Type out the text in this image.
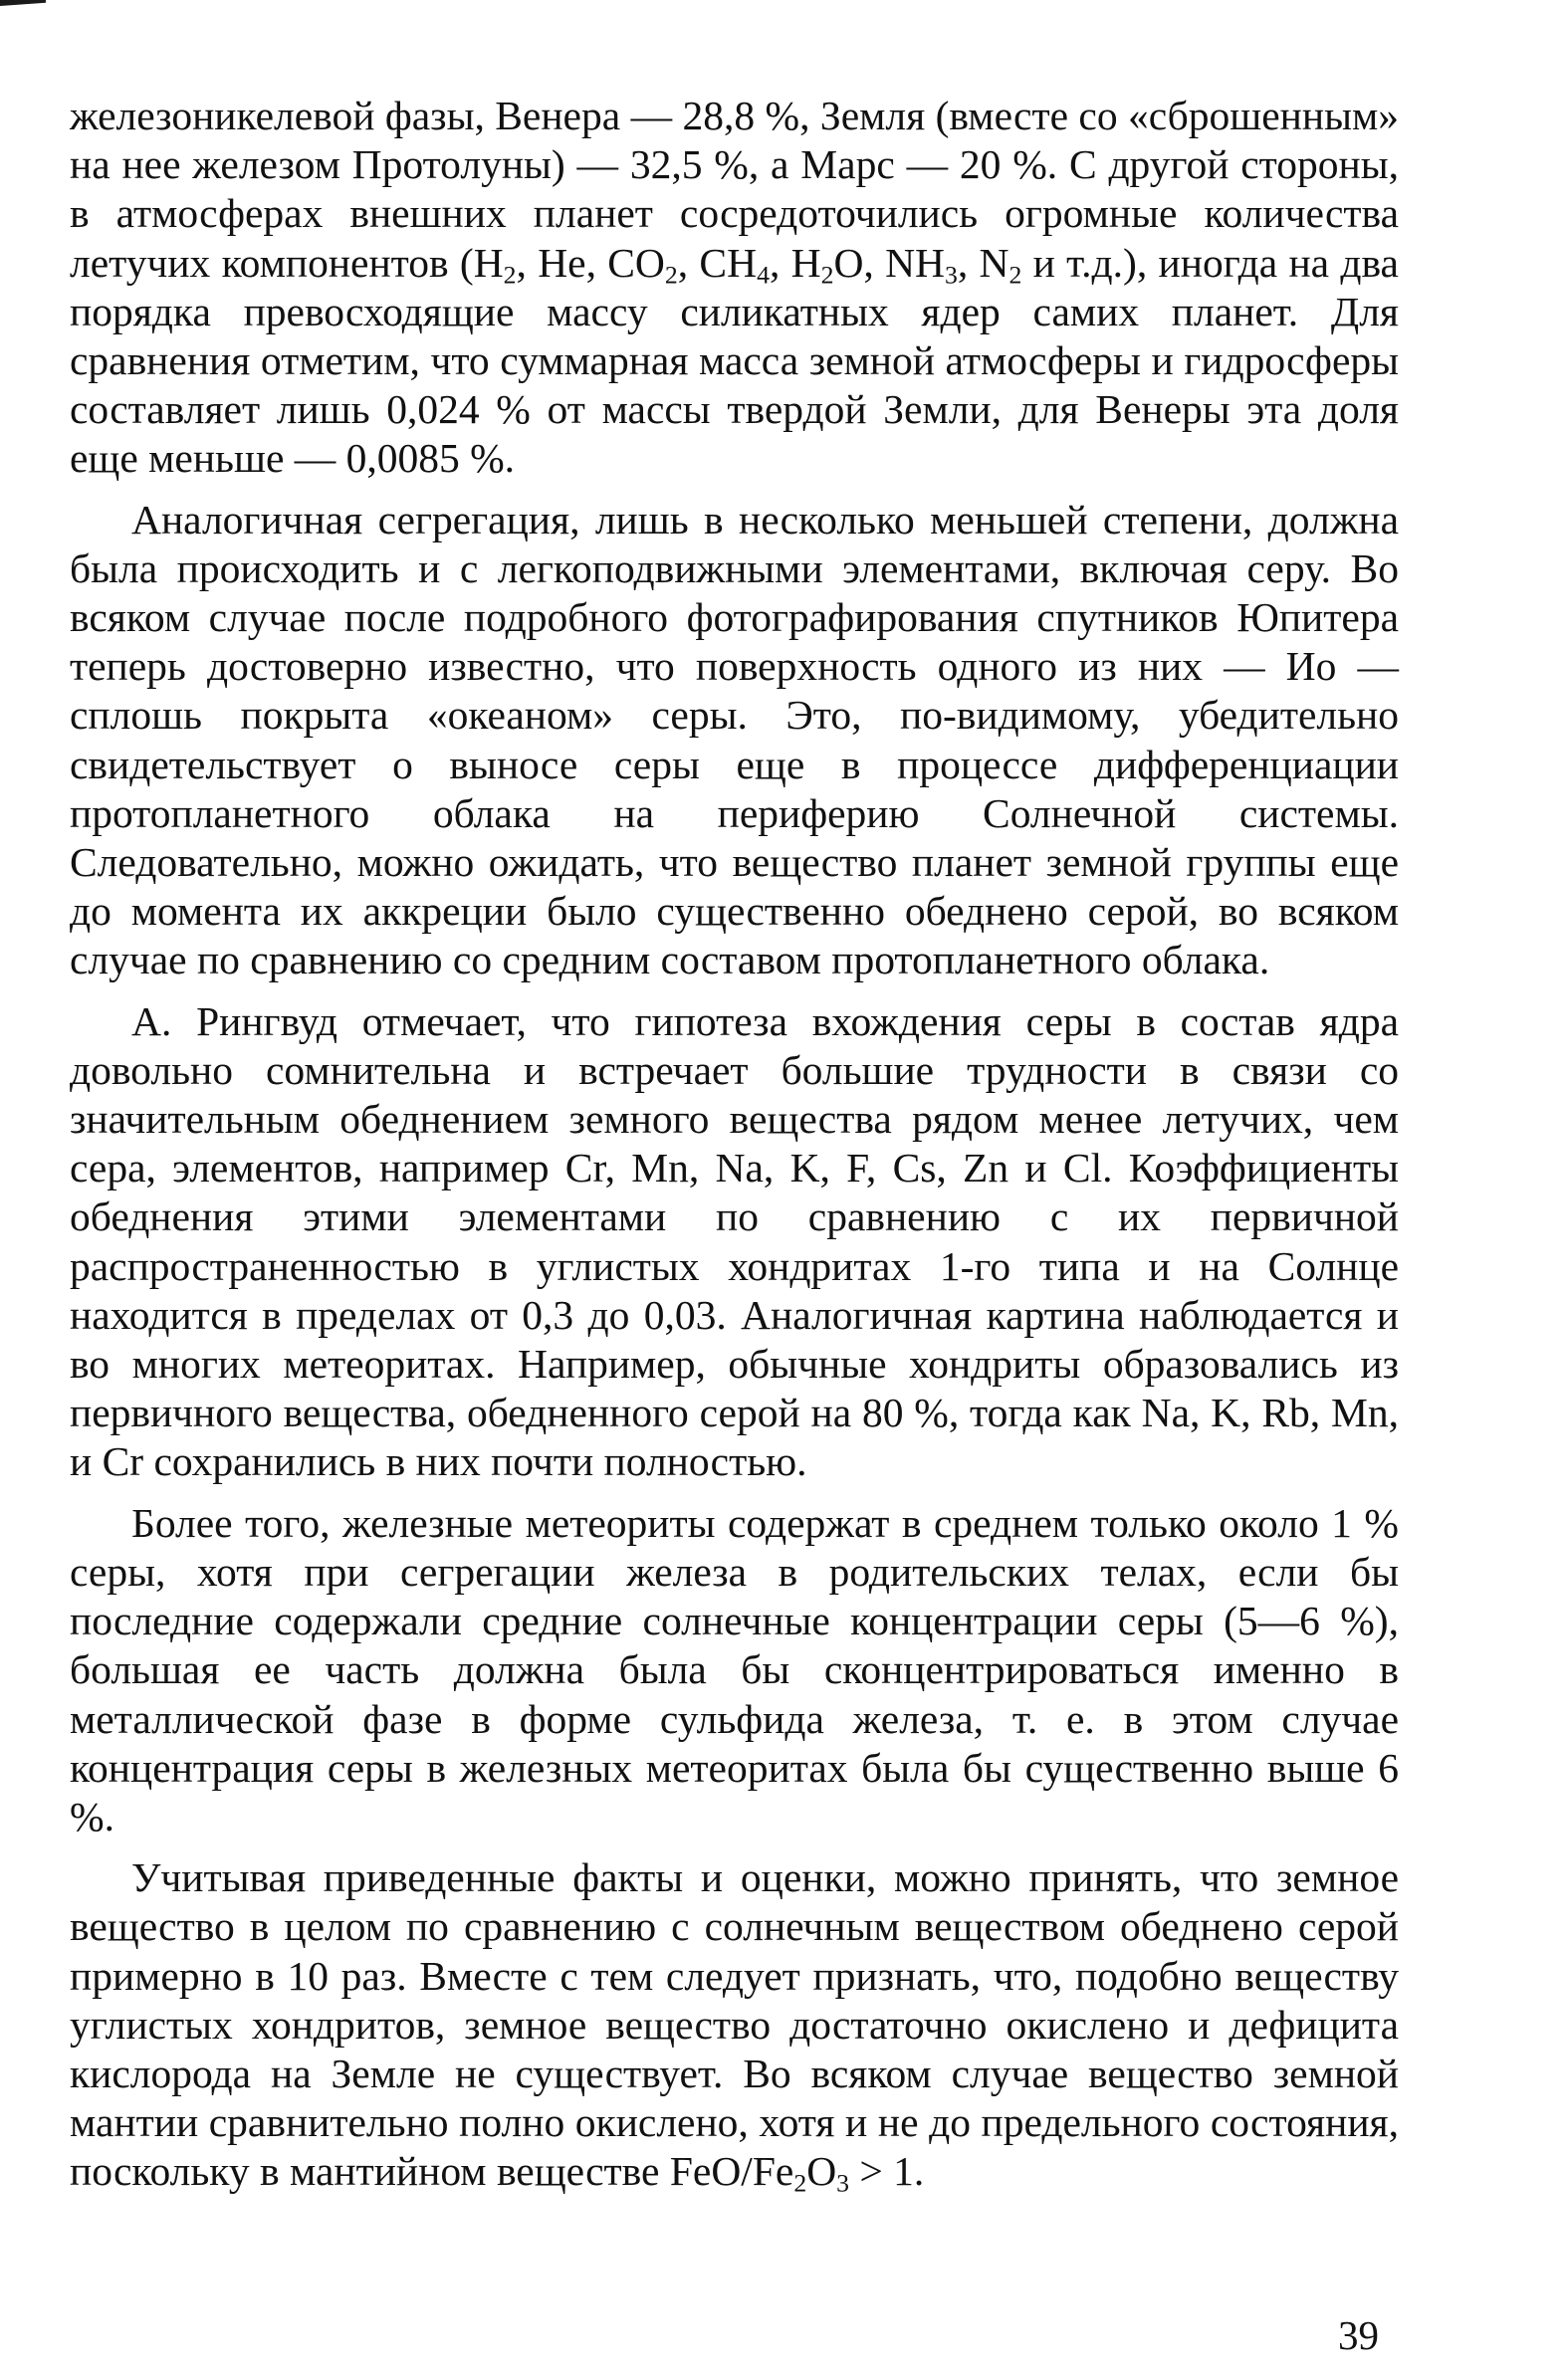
железоникелевой фазы, Венера — 28,8 %, Земля (вместе со «сброшенным» на нее железом Протолуны) — 32,5 %, а Марс — 20 %. С другой стороны, в атмосферах внешних планет сосредоточились огромные количества летучих компонентов ($H_2$, He, $CO_2$, $CH_4$, $H_2O$, $NH_3$, $N_2$ и т.д.), иногда на два порядка превосходящие массу силикатных ядер самих планет. Для сравнения отметим, что суммарная масса земной атмосферы и гидросферы составляет лишь 0,024 % от массы твердой Земли, для Венеры эта доля еще меньше — 0,0085 %.

Аналогичная сегрегация, лишь в несколько меньшей степени, должна была происходить и с легкоподвижными элементами, включая серу. Во всяком случае после подробного фотографирования спутников Юпитера теперь достоверно известно, что поверхность одного из них — Ио — сплошь покрыта «океаном» серы. Это, по-видимому, убедительно свидетельствует о выносе серы еще в процессе дифференциации протопланетного облака на периферию Солнечной системы. Следовательно, можно ожидать, что вещество планет земной группы еще до момента их аккреции было существенно обеднено серой, во всяком случае по сравнению со средним составом протопланетного облака.

А. Рингвуд отмечает, что гипотеза вхождения серы в состав ядра довольно сомнительна и встречает большие трудности в связи со значительным обеднением земного вещества рядом менее летучих, чем сера, элементов, например Cr, Mn, Na, K, F, Cs, Zn и Cl. Коэффициенты обеднения этими элементами по сравнению с их первичной распространенностью в углистых хондритах 1-го типа и на Солнце находится в пределах от 0,3 до 0,03. Аналогичная картина наблюдается и во многих метеоритах. Например, обычные хондриты образовались из первичного вещества, обедненного серой на 80 %, тогда как Na, K, Rb, Mn, и Cr сохранились в них почти полностью.

Более того, железные метеориты содержат в среднем только около 1 % серы, хотя при сегрегации железа в родительских телах, если бы последние содержали средние солнечные концентрации серы (5—6 %), большая ее часть должна была бы сконцентрироваться именно в металлической фазе в форме сульфида железа, т. е. в этом случае концентрация серы в железных метеоритах была бы существенно выше 6 %.

Учитывая приведенные факты и оценки, можно принять, что земное вещество в целом по сравнению с солнечным веществом обеднено серой примерно в 10 раз. Вместе с тем следует признать, что, подобно веществу углистых хондритов, земное вещество достаточно окислено и дефицита кислорода на Земле не существует. Во всяком случае вещество земной мантии сравнительно полно окислено, хотя и не до предельного состояния, поскольку в мантийном веществе FeO/$Fe_2O_3 > 1$.

39
